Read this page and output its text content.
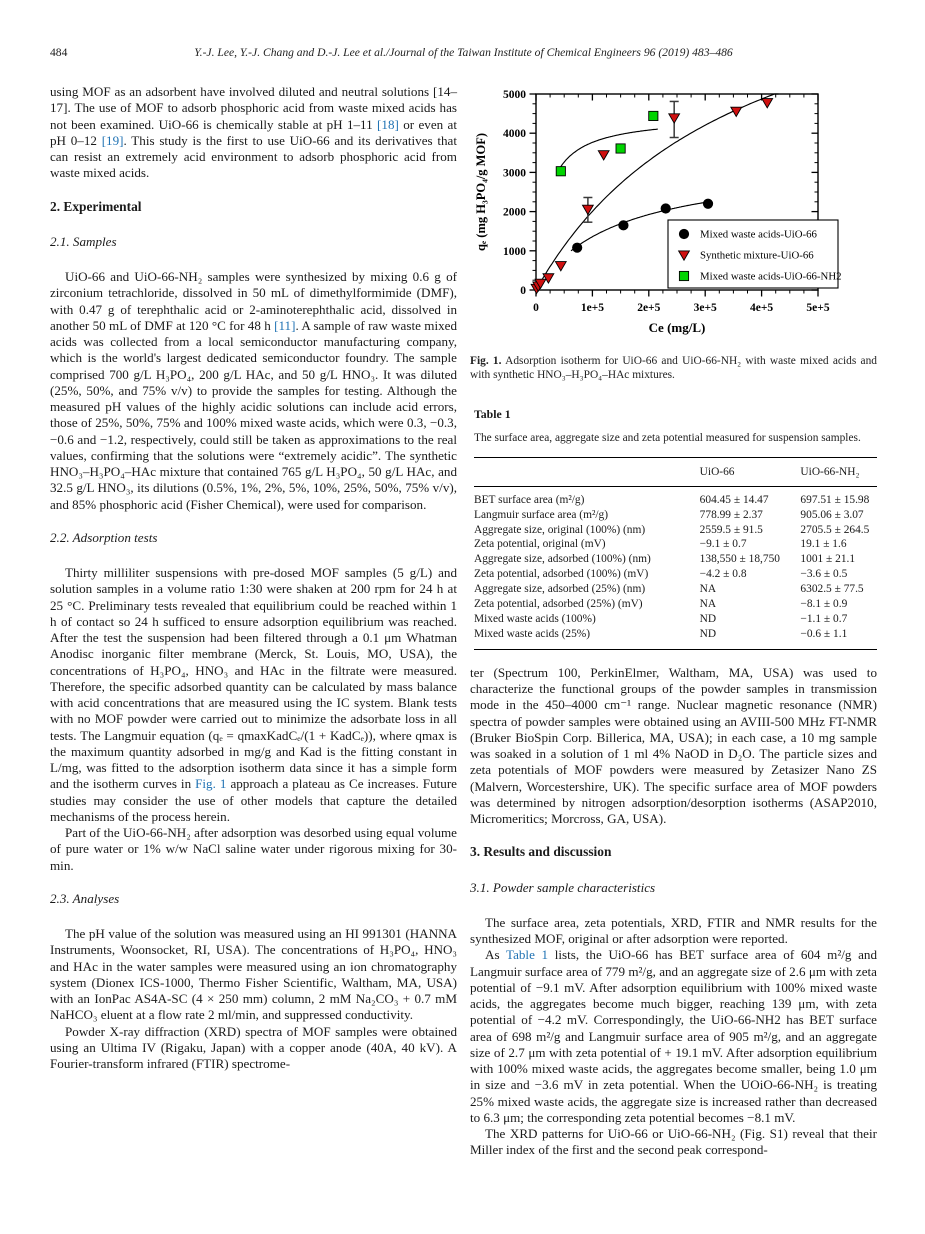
484	Y.-J. Lee, Y.-J. Chang and D.-J. Lee et al./Journal of the Taiwan Institute of Chemical Engineers 96 (2019) 483–486

using MOF as an adsorbent have involved diluted and neutral solutions [14–17]. The use of MOF to adsorb phosphoric acid from waste mixed acids has not been examined. UiO-66 is chemically stable at pH 1–11 [18] or even at pH 0–12 [19]. This study is the first to use UiO-66 and its derivatives that can resist an extremely acid environment to adsorb phosphoric acid from waste mixed acids.

2. Experimental
2.1. Samples

UiO-66 and UiO-66-NH₂ samples were synthesized by mixing 0.6 g of zirconium tetrachloride, dissolved in 50 mL of dimethylformimide (DMF), with 0.47 g of terephthalic acid or 2-aminoterephthalic acid, dissolved in another 50 mL of DMF at 120 °C for 48 h [11]. A sample of raw waste mixed acids was collected from a local semiconductor manufacturing company, which is the world's largest dedicated semiconductor foundry. The sample comprised 700 g/L H₃PO₄, 200 g/L HAc, and 50 g/L HNO₃. It was diluted (25%, 50%, and 75% v/v) to provide the samples for testing. Although the measured pH values of the highly acidic solutions can include acid errors, those of 25%, 50%, 75% and 100% mixed waste acids, which were 0.3, −0.3, −0.6 and −1.2, respectively, could still be taken as approximations to the real values, confirming that the solutions were “extremely acidic”. The synthetic HNO₃–H₃PO₄–HAc mixture that contained 765 g/L H₃PO₄, 50 g/L HAc, and 32.5 g/L HNO₃, its dilutions (0.5%, 1%, 2%, 5%, 10%, 25%, 50%, 75% v/v), and 85% phosphoric acid (Fisher Chemical), were used for comparison.

2.2. Adsorption tests

Thirty milliliter suspensions with pre-dosed MOF samples (5 g/L) and solution samples in a volume ratio 1:30 were shaken at 200 rpm for 24 h at 25 °C. Preliminary tests revealed that equilibrium could be reached within 1 h of contact so 24 h sufficed to ensure adsorption equilibrium was reached. After the test the suspension had been filtered through a 0.1 μm Whatman Anodisc inorganic filter membrane (Merck, St. Louis, MO, USA), the concentrations of H₃PO₄, HNO₃ and HAc in the filtrate were measured. Therefore, the specific adsorbed quantity can be calculated by mass balance with acid concentrations that are measured using the IC system. Blank tests with no MOF powder were carried out to minimize the adsorbate loss in all tests. The Langmuir equation (qₑ = qmaxKadCₑ/(1 + KadCₑ)), where qmax is the maximum quantity adsorbed in mg/g and Kad is the fitting constant in L/mg, was fitted to the adsorption isotherm data since it has a simple form and the isotherm curves in Fig. 1 approach a plateau as Ce increases. Future studies may consider the use of other models that capture the detailed mechanisms of the process herein.

Part of the UiO-66-NH₂ after adsorption was desorbed using equal volume of pure water or 1% w/w NaCl saline water under rigorous mixing for 30-min.

2.3. Analyses

The pH value of the solution was measured using an HI 991301 (HANNA Instruments, Woonsocket, RI, USA). The concentrations of H₃PO₄, HNO₃ and HAc in the water samples were measured using an ion chromatography system (Dionex ICS-1000, Thermo Fisher Scientific, Waltham, MA, USA) with an IonPac AS4A-SC (4 × 250 mm) column, 2 mM Na₂CO₃ + 0.7 mM NaHCO₃ eluent at a flow rate 2 ml/min, and suppressed conductivity.

Powder X-ray diffraction (XRD) spectra of MOF samples were obtained using an Ultima IV (Rigaku, Japan) with a copper anode (40A, 40 kV). A Fourier-transform infrared (FTIR) spectrome-

0	1e+5	2e+5	3e+5	4e+5	5e+5
0
1000
2000
3000
4000
5000
Ce (mg/L)
qₑ (mg H₃PO₄/g MOF)	Mixed waste acids-UiO-66
Synthetic mixture-UiO-66
Mixed waste acids-UiO-66-NH2
Fig. 1. Adsorption isotherm for UiO-66 and UiO-66-NH₂ with waste mixed acids and with synthetic HNO₃–H₃PO₄–HAc mixtures.
Table 1
The surface area, aggregate size and zeta potential measured for suspension samples.
	UiO-66	UiO-66-NH₂
BET surface area (m²/g)	604.45 ± 14.47	697.51 ± 15.98
Langmuir surface area (m²/g)	778.99 ± 2.37	905.06 ± 3.07
Aggregate size, original (100%) (nm)	2559.5 ± 91.5	2705.5 ± 264.5
Zeta potential, original (mV)	−9.1 ± 0.7	19.1 ± 1.6
Aggregate size, adsorbed (100%) (nm)	138,550 ± 18,750	1001 ± 21.1
Zeta potential, adsorbed (100%) (mV)	−4.2 ± 0.8	−3.6 ± 0.5
Aggregate size, adsorbed (25%) (nm)	NA	6302.5 ± 77.5
Zeta potential, adsorbed (25%) (mV)	NA	−8.1 ± 0.9
Mixed waste acids (100%)	ND	−1.1 ± 0.7
Mixed waste acids (25%)	ND	−0.6 ± 1.1

ter (Spectrum 100, PerkinElmer, Waltham, MA, USA) was used to characterize the functional groups of the powder samples in transmission mode in the 450–4000 cm⁻¹ range. Nuclear magnetic resonance (NMR) spectra of powder samples were obtained using an AVIII-500 MHz FT-NMR (Bruker BioSpin Corp. Billerica, MA, USA); in each case, a 10 mg sample was soaked in a solution of 1 ml 4% NaOD in D₂O. The particle sizes and zeta potentials of MOF powders were measured by Zetasizer Nano ZS (Malvern, Worcestershire, UK). The specific surface area of MOF powders was determined by nitrogen adsorption/desorption isotherms (ASAP2010, Micromeritics; Morcross, GA, USA).

3. Results and discussion
3.1. Powder sample characteristics

The surface area, zeta potentials, XRD, FTIR and NMR results for the synthesized MOF, original or after adsorption were reported.

As Table 1 lists, the UiO-66 has BET surface area of 604 m²/g and Langmuir surface area of 779 m²/g, and an aggregate size of 2.6 μm with zeta potential of −9.1 mV. After adsorption equilibrium with 100% mixed waste acids, the aggregates become much bigger, reaching 139 μm, with zeta potential of −4.2 mV. Correspondingly, the UiO-66-NH2 has BET surface area of 698 m²/g and Langmuir surface area of 905 m²/g, and an aggregate size of 2.7 μm with zeta potential of + 19.1 mV. After adsorption equilibrium with 100% mixed waste acids, the aggregates become smaller, being 1.0 μm in size and −3.6 mV in zeta potential. When the UOiO-66-NH₂ is treating 25% mixed waste acids, the aggregate size is increased rather than decreased to 6.3 μm; the corresponding zeta potential becomes −8.1 mV.

The XRD patterns for UiO-66 or UiO-66-NH₂ (Fig. S1) reveal that their Miller index of the first and the second peak correspond-
